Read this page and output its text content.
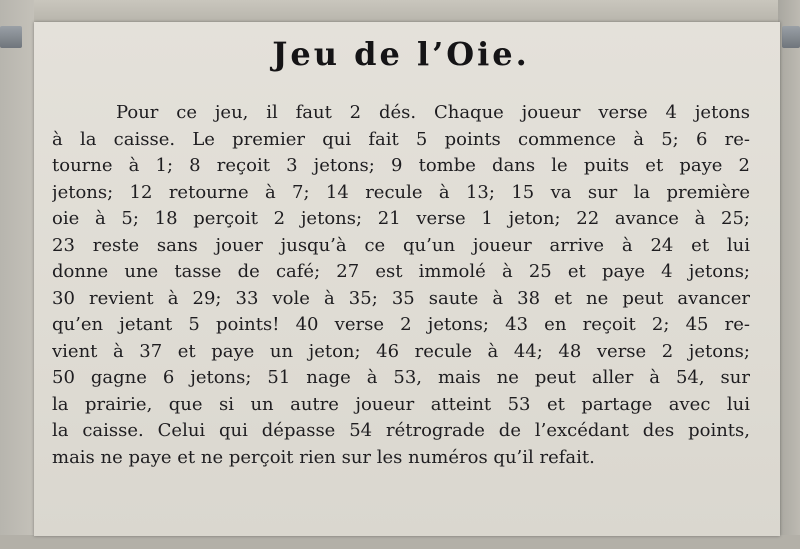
Jeu de l’Oie.
Pour ce jeu, il faut 2 dés. Chaque joueur verse 4 jetons
à la caisse. Le premier qui fait 5 points commence à 5; 6 re-
tourne à 1; 8 reçoit 3 jetons; 9 tombe dans le puits et paye 2
jetons; 12 retourne à 7; 14 recule à 13; 15 va sur la première
oie à 5; 18 perçoit 2 jetons; 21 verse 1 jeton; 22 avance à 25;
23 reste sans jouer jusqu’à ce qu’un joueur arrive à 24 et lui
donne une tasse de café; 27 est immolé à 25 et paye 4 jetons;
30 revient à 29; 33 vole à 35; 35 saute à 38 et ne peut avancer
qu’en jetant 5 points! 40 verse 2 jetons; 43 en reçoit 2; 45 re-
vient à 37 et paye un jeton; 46 recule à 44; 48 verse 2 jetons;
50 gagne 6 jetons; 51 nage à 53, mais ne peut aller à 54, sur
la prairie, que si un autre joueur atteint 53 et partage avec lui
la caisse. Celui qui dépasse 54 rétrograde de l’excédant des points,
mais ne paye et ne perçoit rien sur les numéros qu’il refait.
